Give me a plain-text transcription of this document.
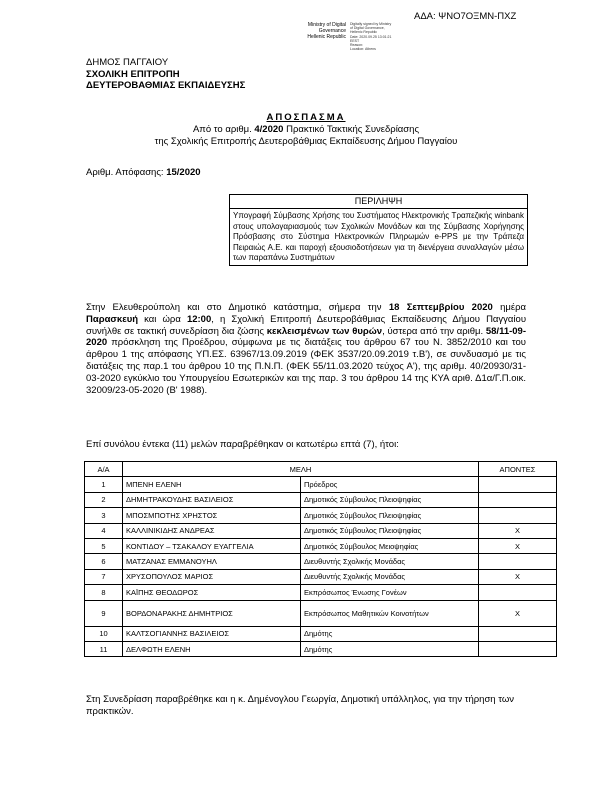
ΑΔΑ: ΨΝΟ7ΟΞΜΝ-ΠΧΖ
Ministry of Digital
Governance
Hellenic Republic
Digitally signed by Ministry
of Digital Governance,
Hellenic Republic
Date: 2020.09.25 13:01:21
EEST
Reason:
Location: Athens
ΔΗΜΟΣ ΠΑΓΓΑΙΟΥ
ΣΧΟΛΙΚΗ ΕΠΙΤΡΟΠΗ
ΔΕΥΤΕΡΟΒΑΘΜΙΑΣ ΕΚΠΑΙΔΕΥΣΗΣ
ΑΠΟΣΠΑΣΜΑ
Από το αριθμ. 4/2020 Πρακτικό Τακτικής Συνεδρίασης
της Σχολικής Επιτροπής Δευτεροβάθμιας Εκπαίδευσης Δήμου Παγγαίου
Αριθμ. Απόφασης: 15/2020
ΠΕΡΙΛΗΨΗ
Υπογραφή Σύμβασης Χρήσης του Συστήματος Ηλεκτρονικής Τραπεζικής winbank στους υπολογαριασμούς των Σχολικών Μονάδων και της Σύμβασης Χορήγησης Πρόσβασης στο Σύστημα Ηλεκτρονικών Πληρωμών e-PPS με την Τράπεζα Πειραιώς Α.Ε. και παροχή εξουσιοδοτήσεων για τη διενέργεια συναλλαγών μέσω των παραπάνω Συστημάτων
Στην Ελευθερούπολη και στο Δημοτικό κατάστημα, σήμερα την 18 Σεπτεμβρίου 2020 ημέρα Παρασκευή και ώρα 12:00, η Σχολική Επιτροπή Δευτεροβάθμιας Εκπαίδευσης Δήμου Παγγαίου συνήλθε σε τακτική συνεδρίαση δια ζώσης κεκλεισμένων των θυρών, ύστερα από την αριθμ. 58/11-09-2020 πρόσκληση της Προέδρου, σύμφωνα με τις διατάξεις του άρθρου 67 του Ν. 3852/2010 και του άρθρου 1 της απόφασης ΥΠ.ΕΣ. 63967/13.09.2019 (ΦΕΚ 3537/20.09.2019 τ.Β'), σε συνδυασμό με τις διατάξεις της παρ.1 του άρθρου 10 της Π.Ν.Π. (ΦΕΚ 55/11.03.2020 τεύχος Α'), της αριθμ. 40/20930/31-03-2020 εγκύκλιο του Υπουργείου Εσωτερικών και της παρ. 3 του άρθρου 14 της ΚΥΑ αριθ. Δ1α/Γ.Π.οικ. 32009/23-05-2020 (Β' 1988).
Επί συνόλου έντεκα (11) μελών παραβρέθηκαν οι κατωτέρω επτά (7), ήτοι:
Α/Α	ΜΕΛΗ		ΑΠΟΝΤΕΣ
1	ΜΠΕΝΗ ΕΛΕΝΗ	Πρόεδρος	
2	ΔΗΜΗΤΡΑΚΟΥΔΗΣ ΒΑΣΙΛΕΙΟΣ	Δημοτικός Σύμβουλος Πλειοψηφίας	
3	ΜΠΟΣΜΠΟΤΗΣ ΧΡΗΣΤΟΣ	Δημοτικός Σύμβουλος Πλειοψηφίας	
4	ΚΑΛΛΙΝΙΚΙΔΗΣ ΑΝΔΡΕΑΣ	Δημοτικός Σύμβουλος Πλειοψηφίας	Χ
5	ΚΟΝΤΙΔΟΥ – ΤΣΑΚΑΛΟΥ ΕΥΑΓΓΕΛΙΑ	Δημοτικός Σύμβουλος Μειοψηφίας	Χ
6	ΜΑΤΖΑΝΑΣ ΕΜΜΑΝΟΥΗΛ	Διευθυντής Σχολικής Μονάδας	
7	ΧΡΥΣΟΠΟΥΛΟΣ ΜΑΡΙΟΣ	Διευθυντής Σχολικής Μονάδας	Χ
8	ΚΑΪΠΗΣ ΘΕΟΔΩΡΟΣ	Εκπρόσωπος Ένωσης Γονέων	
9	ΒΟΡΔΟΝΑΡΑΚΗΣ ΔΗΜΗΤΡΙΟΣ	Εκπρόσωπος Μαθητικών Κοινοτήτων	Χ
10	ΚΑΛΤΣΟΓΙΑΝΝΗΣ ΒΑΣΙΛΕΙΟΣ	Δημότης	
11	ΔΕΛΦΩΤΗ ΕΛΕΝΗ	Δημότης	
Στη Συνεδρίαση παραβρέθηκε και η κ. Δημένογλου Γεωργία, Δημοτική υπάλληλος, για την τήρηση των πρακτικών.
